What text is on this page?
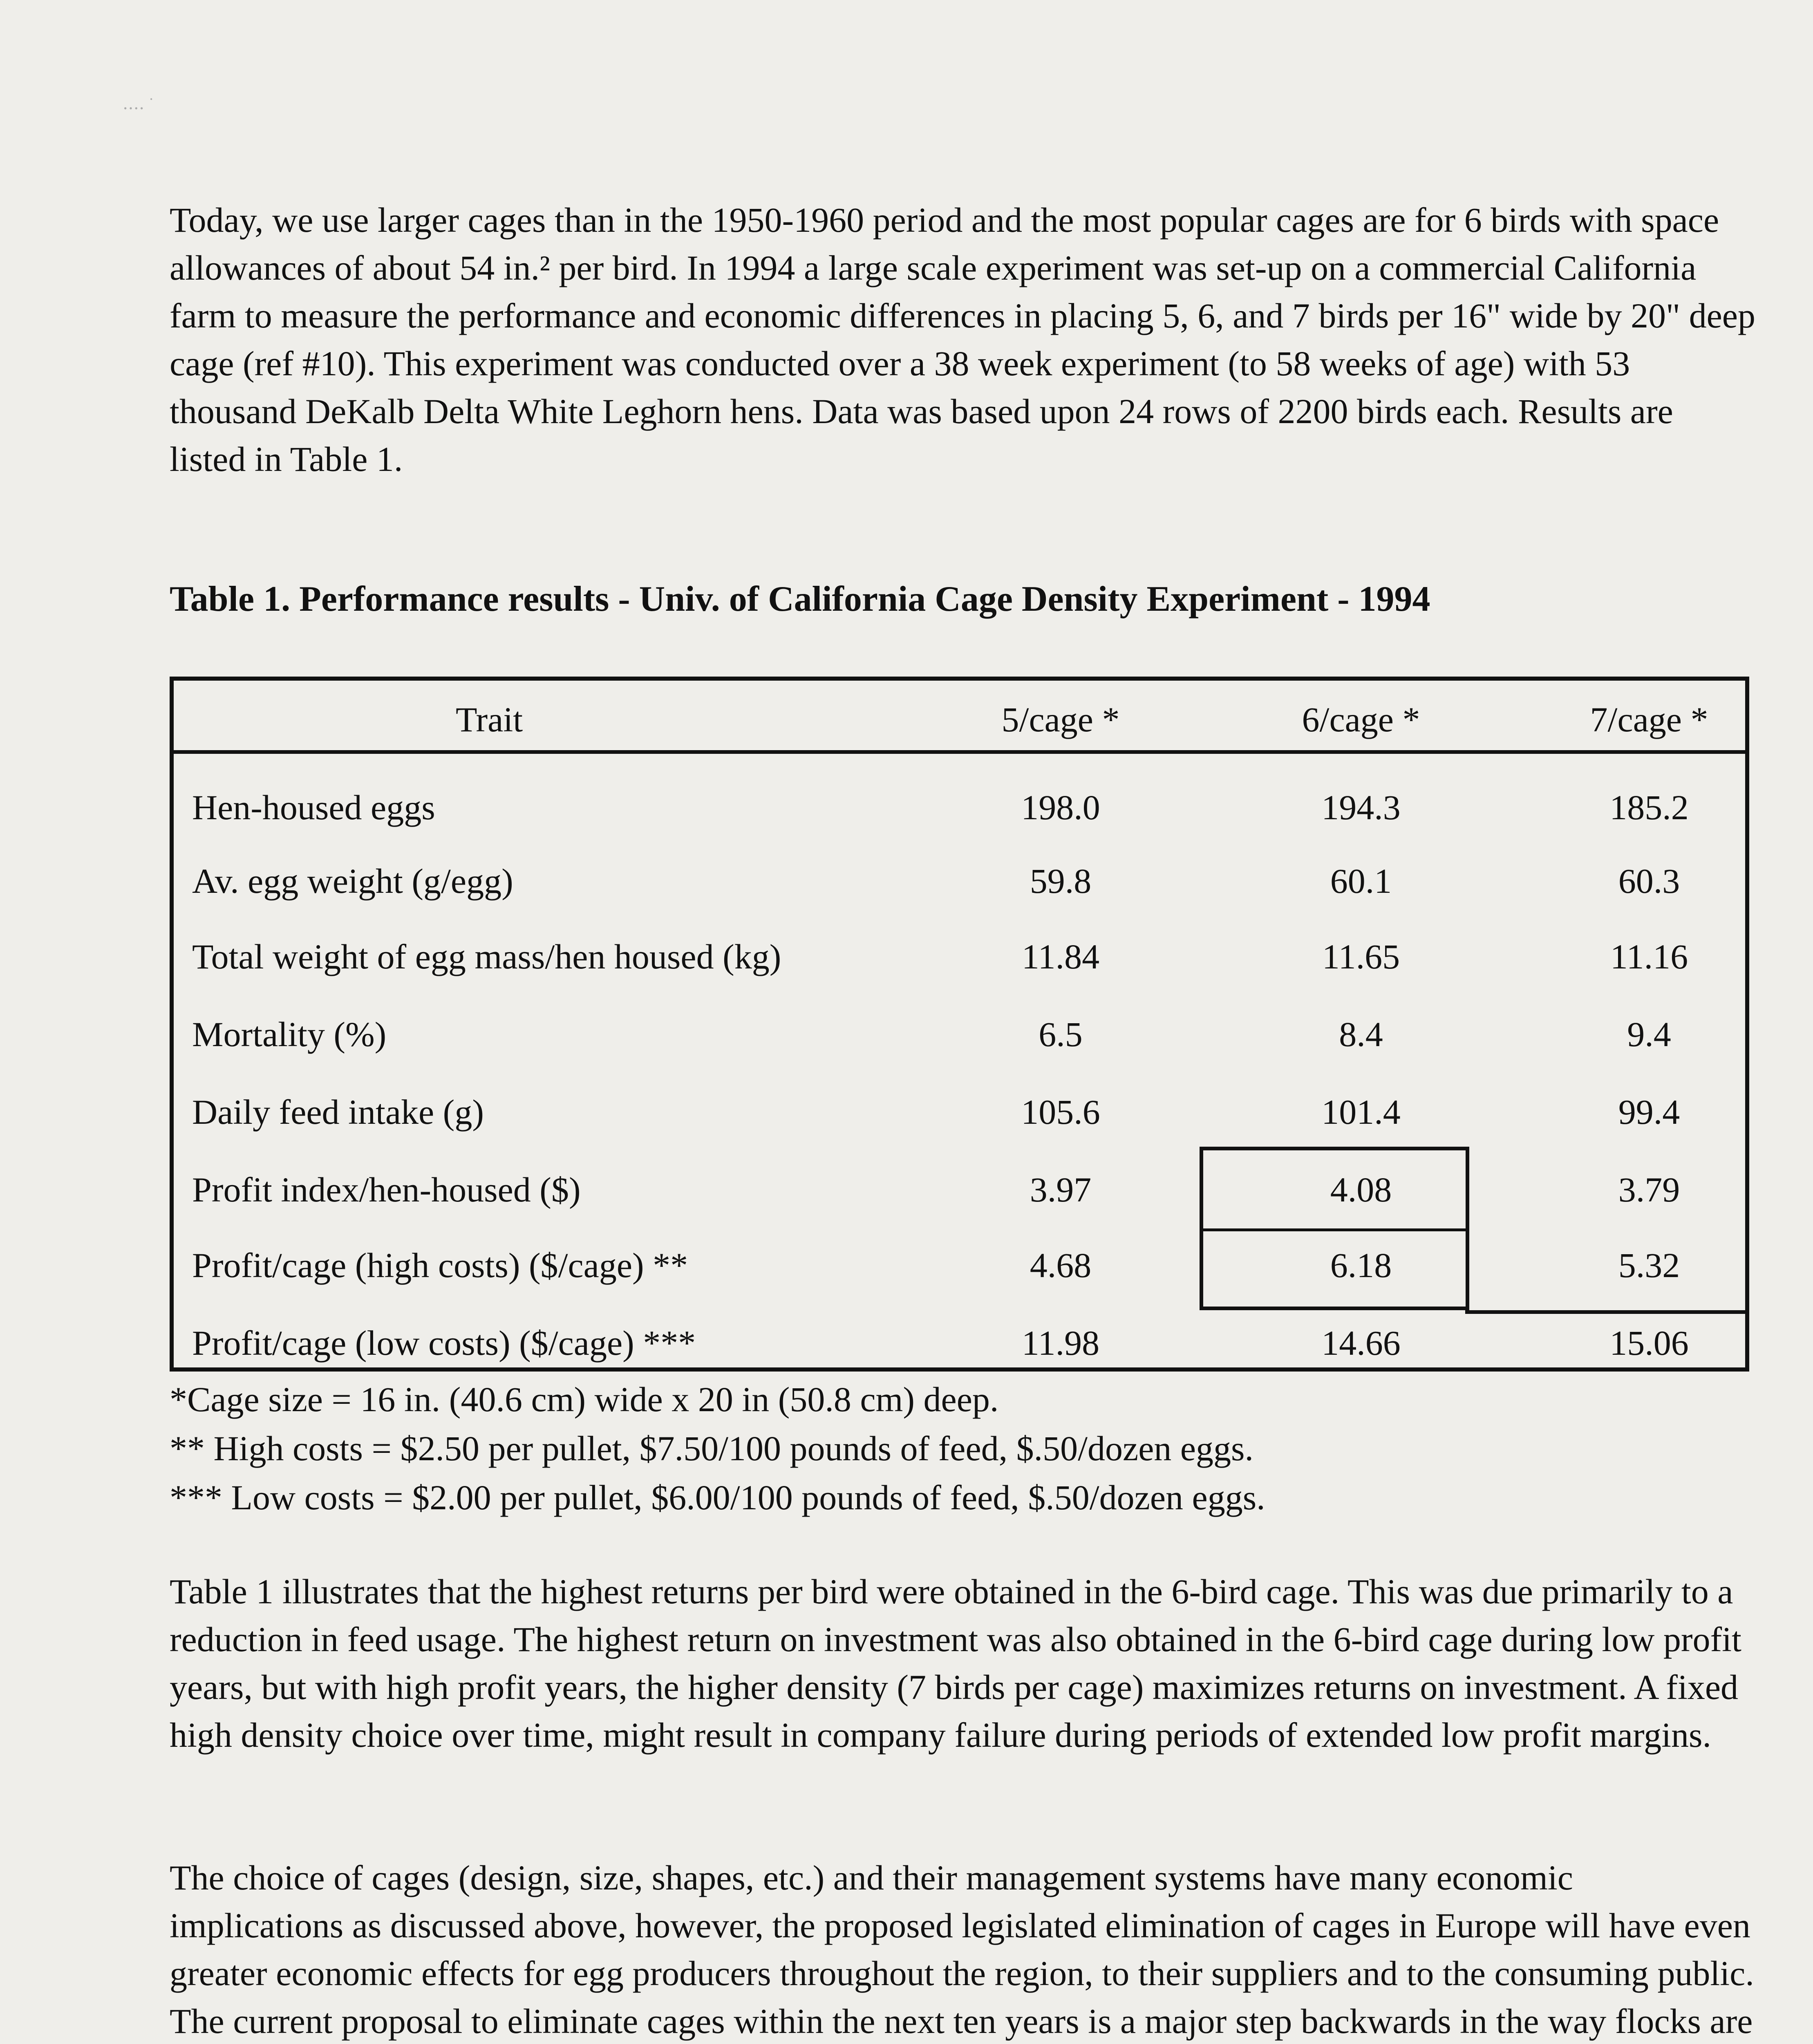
‥‥ ˙

Today, we use larger cages than in the 1950-1960 period and the most popular cages are for 6 birds with space allowances of about 54 in.² per bird. In 1994 a large scale experiment was set-up on a commercial California farm to measure the performance and economic differences in placing 5, 6, and 7 birds per 16" wide by 20" deep cage (ref #10). This experiment was conducted over a 38 week experiment (to 58 weeks of age) with 53 thousand DeKalb Delta White Leghorn hens. Data was based upon 24 rows of 2200 birds each. Results are listed in Table 1.

Table 1. Performance results - Univ. of California Cage Density Experiment - 1994

Trait	5/cage *	6/cage *	7/cage *
Hen-housed eggs	198.0	194.3	185.2
Av. egg weight (g/egg)	59.8	60.1	60.3
Total weight of egg mass/hen housed (kg)	11.84	11.65	11.16
Mortality (%)	6.5	8.4	9.4
Daily feed intake (g)	105.6	101.4	99.4
Profit index/hen-housed ($)	3.97	4.08	3.79
Profit/cage (high costs) ($/cage) **	4.68	6.18	5.32
Profit/cage (low costs) ($/cage) ***	11.98	14.66	15.06

*Cage size = 16 in. (40.6 cm) wide x 20 in (50.8 cm) deep.

** High costs = $2.50 per pullet, $7.50/100 pounds of feed, $.50/dozen eggs.

*** Low costs = $2.00 per pullet, $6.00/100 pounds of feed, $.50/dozen eggs.

Table 1 illustrates that the highest returns per bird were obtained in the 6-bird cage. This was due primarily to a reduction in feed usage. The highest return on investment was also obtained in the 6-bird cage during low profit years, but with high profit years, the higher density (7 birds per cage) maximizes returns on investment. A fixed high density choice over time, might result in company failure during periods of extended low profit margins.

The choice of cages (design, size, shapes, etc.) and their management systems have many economic implications as discussed above, however, the proposed legislated elimination of cages in Europe will have even greater economic effects for egg producers throughout the region, to their suppliers and to the consuming public. The current proposal to eliminate cages within the next ten years is a major step backwards in the way flocks are
